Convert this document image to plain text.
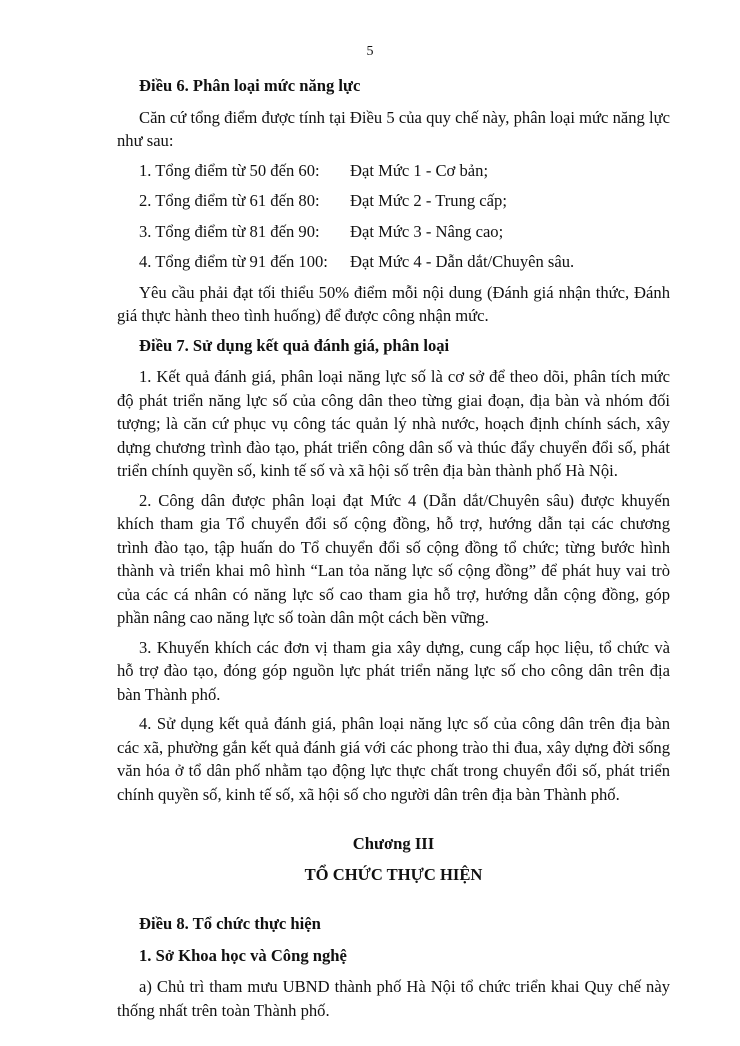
5
Điều 6. Phân loại mức năng lực

Căn cứ tổng điểm được tính tại Điều 5 của quy chế này, phân loại mức năng lực như sau:

1. Tổng điểm từ 50 đến 60:	Đạt Mức 1 - Cơ bản;
2. Tổng điểm từ 61 đến 80:	Đạt Mức 2 - Trung cấp;
3. Tổng điểm từ 81 đến 90:	Đạt Mức 3 - Nâng cao;
4. Tổng điểm từ 91 đến 100:	Đạt Mức 4 - Dẫn dắt/Chuyên sâu.

Yêu cầu phải đạt tối thiểu 50% điểm mỗi nội dung (Đánh giá nhận thức, Đánh giá thực hành theo tình huống) để được công nhận mức.

Điều 7. Sử dụng kết quả đánh giá, phân loại

1. Kết quả đánh giá, phân loại năng lực số là cơ sở để theo dõi, phân tích mức độ phát triển năng lực số của công dân theo từng giai đoạn, địa bàn và nhóm đối tượng; là căn cứ phục vụ công tác quản lý nhà nước, hoạch định chính sách, xây dựng chương trình đào tạo, phát triển công dân số và thúc đẩy chuyển đổi số, phát triển chính quyền số, kinh tế số và xã hội số trên địa bàn thành phố Hà Nội.

2. Công dân được phân loại đạt Mức 4 (Dẫn dắt/Chuyên sâu) được khuyến khích tham gia Tổ chuyển đổi số cộng đồng, hỗ trợ, hướng dẫn tại các chương trình đào tạo, tập huấn do Tổ chuyển đổi số cộng đồng tổ chức; từng bước hình thành và triển khai mô hình “Lan tỏa năng lực số cộng đồng” để phát huy vai trò của các cá nhân có năng lực số cao tham gia hỗ trợ, hướng dẫn cộng đồng, góp phần nâng cao năng lực số toàn dân một cách bền vững.

3. Khuyến khích các đơn vị tham gia xây dựng, cung cấp học liệu, tổ chức và hỗ trợ đào tạo, đóng góp nguồn lực phát triển năng lực số cho công dân trên địa bàn Thành phố.

4. Sử dụng kết quả đánh giá, phân loại năng lực số của công dân trên địa bàn các xã, phường gắn kết quả đánh giá với các phong trào thi đua, xây dựng đời sống văn hóa ở tổ dân phố nhằm tạo động lực thực chất trong chuyển đổi số, phát triển chính quyền số, kinh tế số, xã hội số cho người dân trên địa bàn Thành phố.

Chương III
TỔ CHỨC THỰC HIỆN
Điều 8. Tổ chức thực hiện
1. Sở Khoa học và Công nghệ

a) Chủ trì tham mưu UBND thành phố Hà Nội tổ chức triển khai Quy chế này thống nhất trên toàn Thành phố.
